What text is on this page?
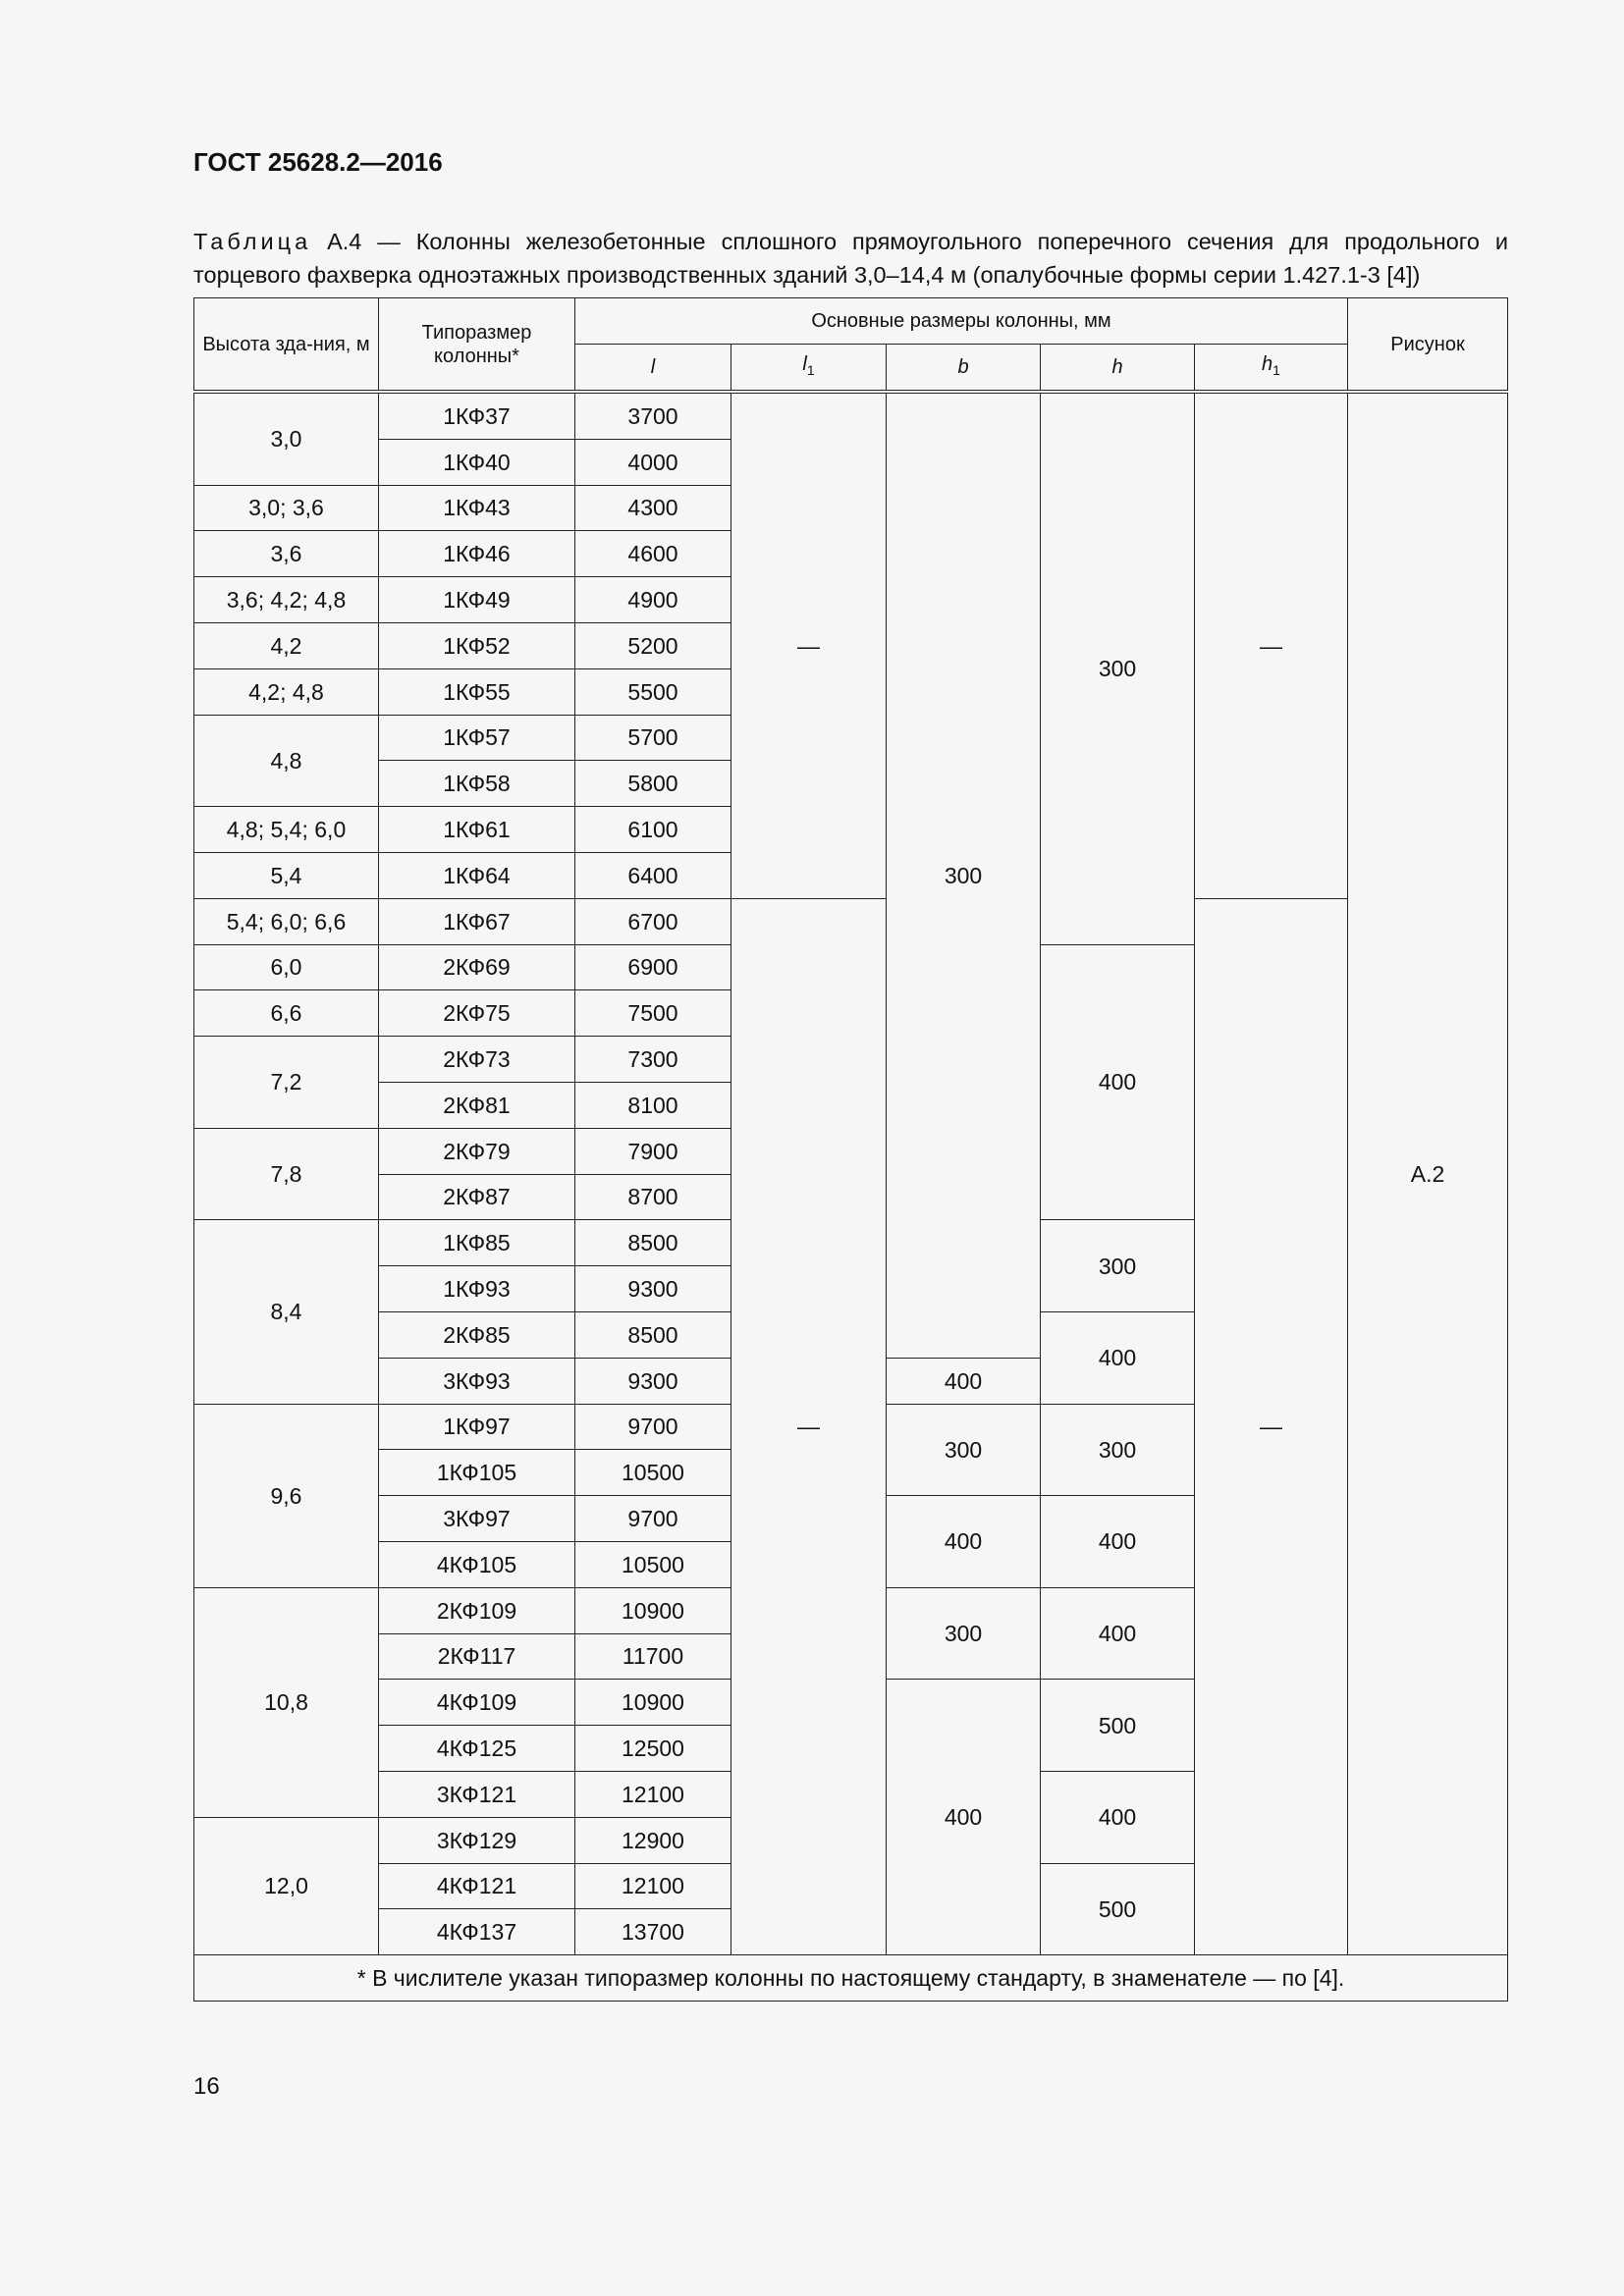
ГОСТ 25628.2—2016
Таблица А.4 — Колонны железобетонные сплошного прямоугольного поперечного сечения для продольного и торцевого фахверка одноэтажных производственных зданий 3,0–14,4 м (опалубочные формы серии 1.427.1-3 [4])
Высота зда-ния, м	Типоразмер колонны*	Основные размеры колонны, мм					Рисунок
		l	$l_1$	b	h	$h_1$
3,0	1КФ37	3700	—	300	300	—	А.2
	1КФ40	4000					
3,0; 3,6	1КФ43	4300					
3,6	1КФ46	4600					
3,6; 4,2; 4,8	1КФ49	4900					
4,2	1КФ52	5200					
4,2; 4,8	1КФ55	5500					
4,8	1КФ57	5700					
	1КФ58	5800					
4,8; 5,4; 6,0	1КФ61	6100					
5,4	1КФ64	6400					
5,4; 6,0; 6,6	1КФ67	6700	—			—	
6,0	2КФ69	6900			400		
6,6	2КФ75	7500					
7,2	2КФ73	7300					
	2КФ81	8100					
7,8	2КФ79	7900					
	2КФ87	8700					
8,4	1КФ85	8500			300		
	1КФ93	9300					
	2КФ85	8500			400		
	3КФ93	9300		400			
9,6	1КФ97	9700		300	300		
	1КФ105	10500					
	3КФ97	9700		400	400		
	4КФ105	10500					
10,8	2КФ109	10900		300	400		
	2КФ117	11700					
	4КФ109	10900		400	500		
	4КФ125	12500					
	3КФ121	12100			400		
12,0	3КФ129	12900					
	4КФ121	12100			500		
	4КФ137	13700					
* В числителе указан типоразмер колонны по настоящему стандарту, в знаменателе — по [4].							
16
